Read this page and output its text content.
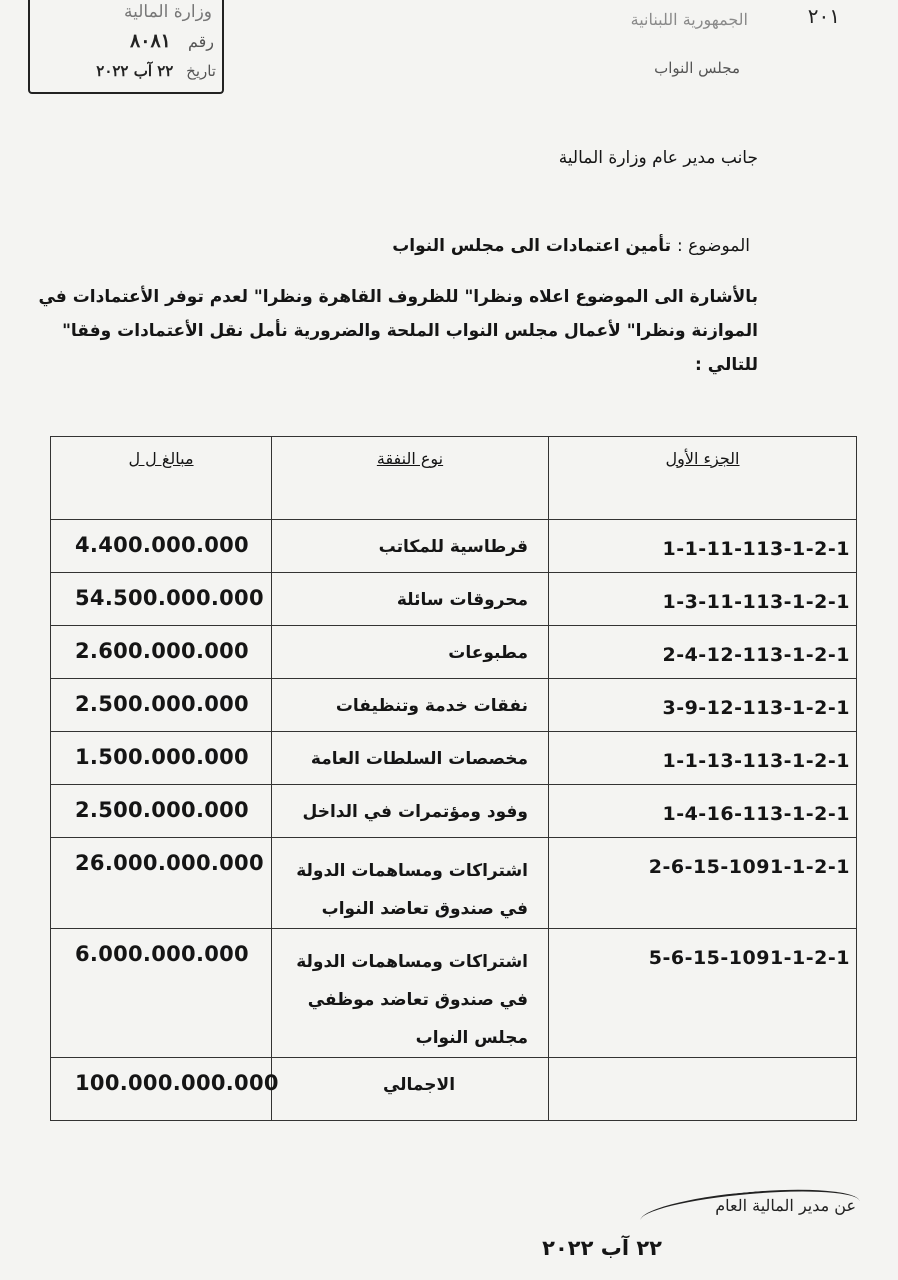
وزارة المالية
رقم ٨٠٨١
تاريخ ٢٢ آب ٢٠٢٢
الجمهورية اللبنانية
مجلس النواب
٢٠١
جانب مدير عام وزارة المالية
الموضوع : تأمين اعتمادات الى مجلس النواب
بالأشارة الى الموضوع اعلاه ونظرا" للظروف القاهرة ونظرا" لعدم توفر الأعتمادات في الموازنة ونظرا" لأعمال مجلس النواب الملحة والضرورية نأمل نقل الأعتمادات وفقا" للتالي :
مبالغ ل ل	نوع النفقة	الجزء الأول

4.400.000.000	قرطاسية للمكاتب	1-1-11-113-1-2-1

54.500.000.000	محروقات سائلة	1-3-11-113-1-2-1

2.600.000.000	مطبوعات	2-4-12-113-1-2-1

2.500.000.000	نفقات خدمة وتنظيفات	3-9-12-113-1-2-1

1.500.000.000	مخصصات السلطات العامة	1-1-13-113-1-2-1

2.500.000.000	وفود ومؤتمرات في الداخل	1-4-16-113-1-2-1

26.000.000.000	اشتراكات ومساهمات الدولة في صندوق تعاضد النواب	2-6-15-1091-1-2-1

6.000.000.000	اشتراكات ومساهمات الدولة في صندوق تعاضد موظفي مجلس النواب	5-6-15-1091-1-2-1

100.000.000.000	الاجمالي	

عن مدير المالية العام
٢٢ آب ٢٠٢٢
